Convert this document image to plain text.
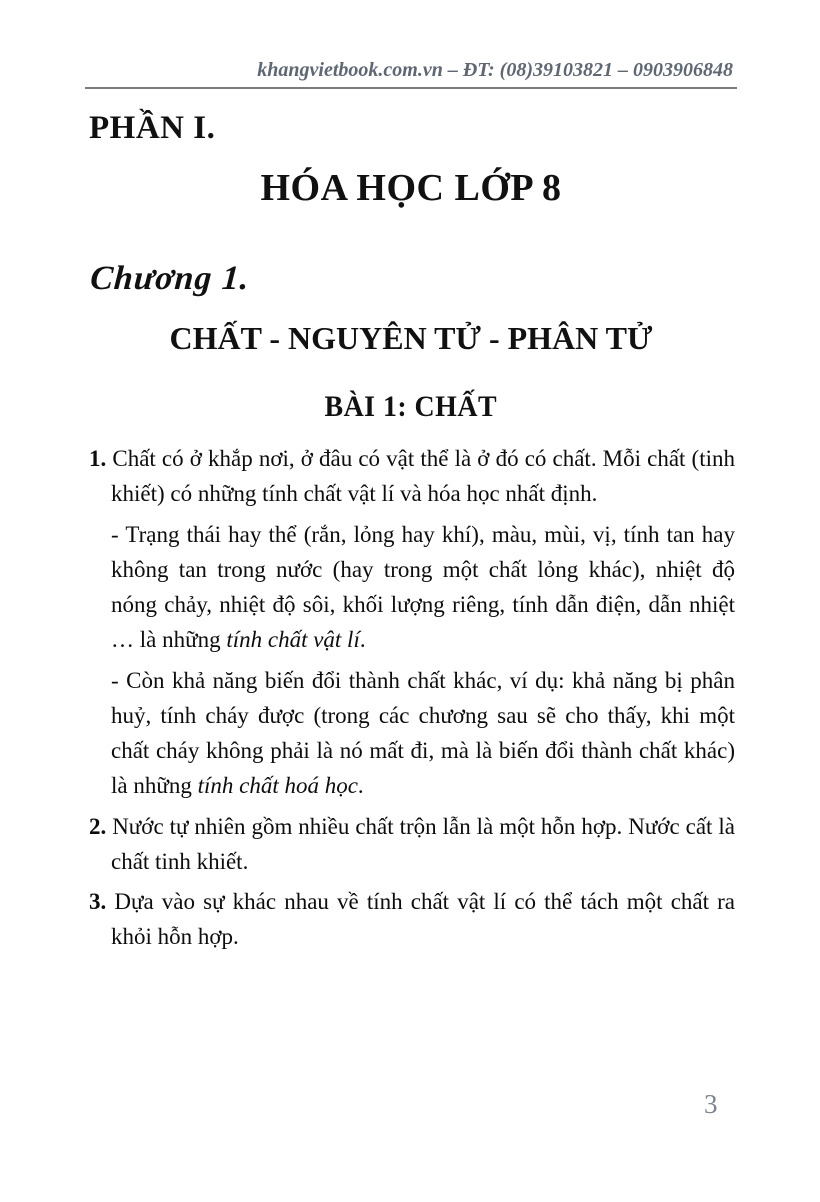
khangvietbook.com.vn – ĐT: (08)39103821 – 0903906848
PHẦN I.
HÓA HỌC LỚP 8
Chương 1.
CHẤT - NGUYÊN TỬ - PHÂN TỬ
BÀI 1: CHẤT
1. Chất có ở khắp nơi, ở đâu có vật thể là ở đó có chất. Mỗi chất (tinh khiết) có những tính chất vật lí và hóa học nhất định.
- Trạng thái hay thể (rắn, lỏng hay khí), màu, mùi, vị, tính tan hay không tan trong nước (hay trong một chất lỏng khác), nhiệt độ nóng chảy, nhiệt độ sôi, khối lượng riêng, tính dẫn điện, dẫn nhiệt … là những tính chất vật lí.
- Còn khả năng biến đổi thành chất khác, ví dụ: khả năng bị phân huỷ, tính cháy được (trong các chương sau sẽ cho thấy, khi một chất cháy không phải là nó mất đi, mà là biến đổi thành chất khác) là những tính chất hoá học.
2. Nước tự nhiên gồm nhiều chất trộn lẫn là một hỗn hợp. Nước cất là chất tinh khiết.
3. Dựa vào sự khác nhau về tính chất vật lí có thể tách một chất ra khỏi hỗn hợp.
3
